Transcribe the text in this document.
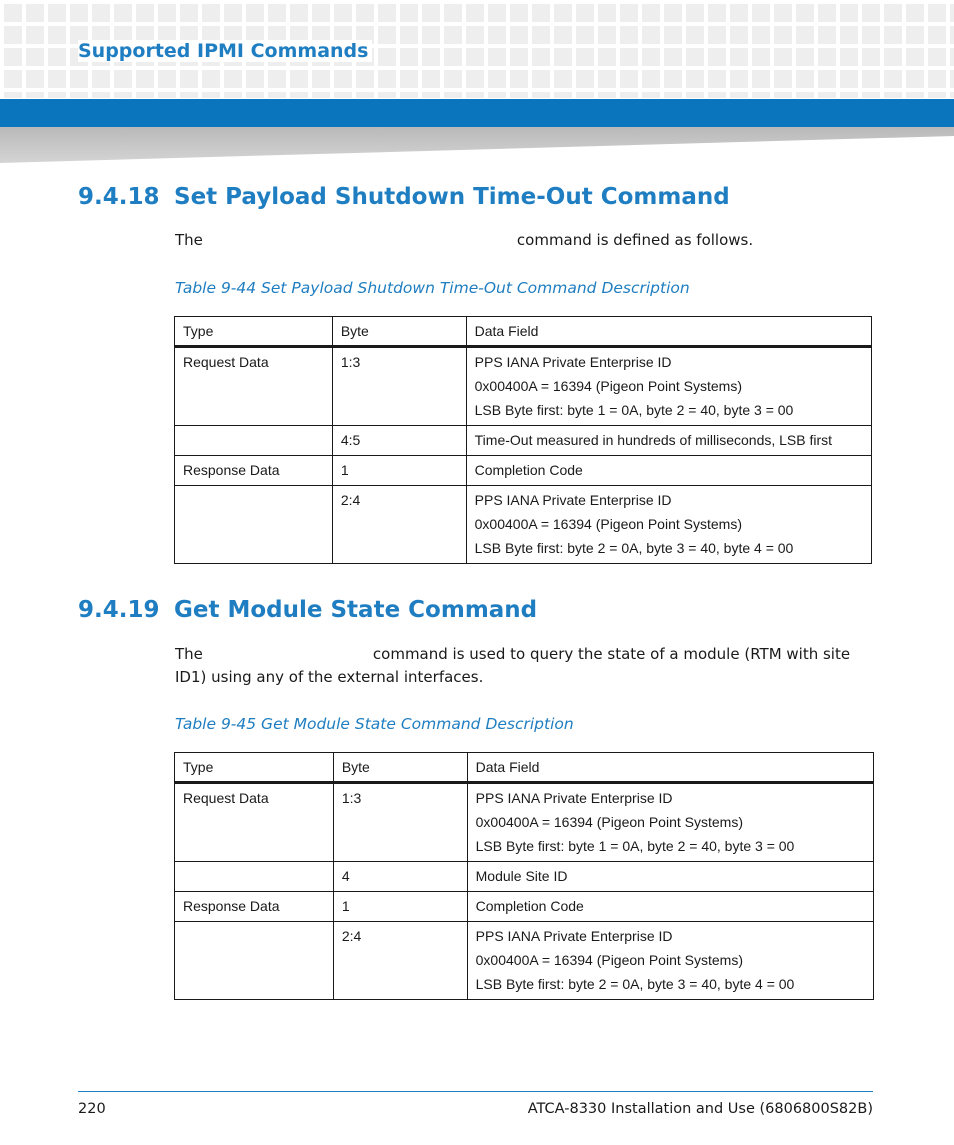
Supported IPMI Commands

9.4.18 Set Payload Shutdown Time-Out Command

The	command is defined as follows.

Table 9-44 Set Payload Shutdown Time-Out Command Description

Type	Byte	Data Field
Request Data	1:3	PPS IANA Private Enterprise ID
0x00400A = 16394 (Pigeon Point Systems)
LSB Byte first: byte 1 = 0A, byte 2 = 40, byte 3 = 00

	4:5	Time-Out measured in hundreds of milliseconds, LSB first

Response Data	1	Completion Code

	2:4	PPS IANA Private Enterprise ID
0x00400A = 16394 (Pigeon Point Systems)
LSB Byte first: byte 2 = 0A, byte 3 = 40, byte 4 = 00
9.4.19 Get Module State Command

The	command is used to query the state of a module (RTM with site ID1) using any of the external interfaces.

Table 9-45 Get Module State Command Description

Type	Byte	Data Field
Request Data	1:3	PPS IANA Private Enterprise ID
0x00400A = 16394 (Pigeon Point Systems)
LSB Byte first: byte 1 = 0A, byte 2 = 40, byte 3 = 00

	4	Module Site ID

Response Data	1	Completion Code

	2:4	PPS IANA Private Enterprise ID
0x00400A = 16394 (Pigeon Point Systems)
LSB Byte first: byte 2 = 0A, byte 3 = 40, byte 4 = 00

220	ATCA-8330 Installation and Use (6806800S82B)
